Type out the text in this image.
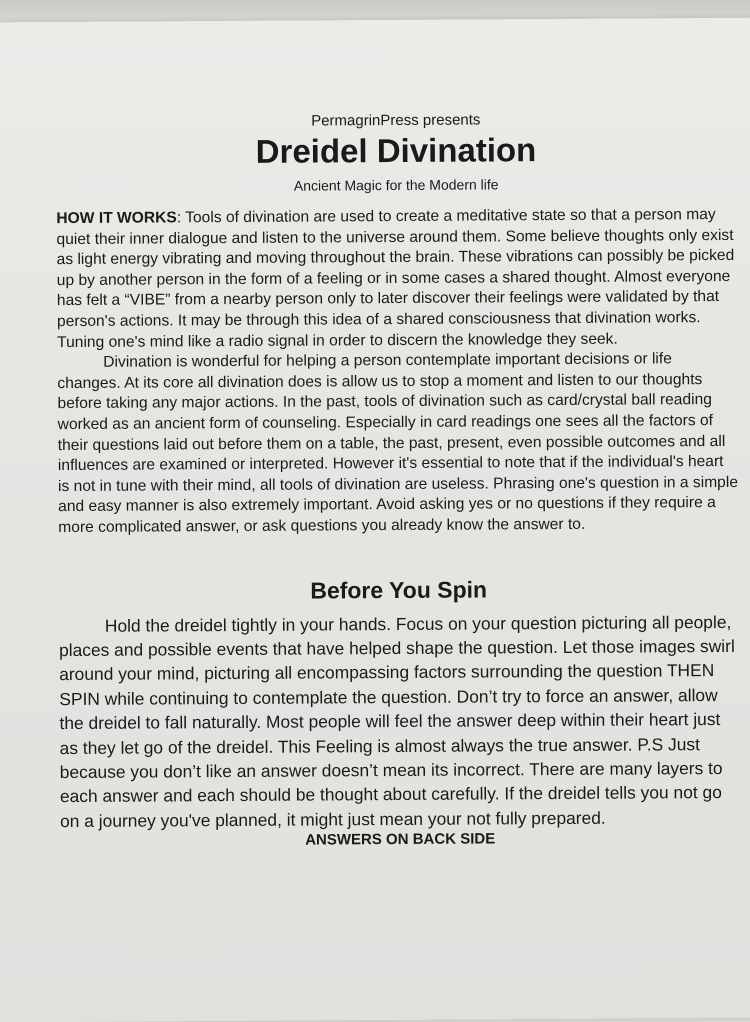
PermagrinPress presents

Dreidel Divination

Ancient Magic for the Modern life

HOW IT WORKS: Tools of divination are used to create a meditative state so that a person may quiet their inner dialogue and listen to the universe around them. Some believe thoughts only exist as light energy vibrating and moving throughout the brain. These vibrations can possibly be picked up by another person in the form of a feeling or in some cases a shared thought. Almost everyone has felt a “VIBE” from a nearby person only to later discover their feelings were validated by that person's actions. It may be through this idea of a shared consciousness that divination works. Tuning one's mind like a radio signal in order to discern the knowledge they seek.

Divination is wonderful for helping a person contemplate important decisions or life changes. At its core all divination does is allow us to stop a moment and listen to our thoughts before taking any major actions. In the past, tools of divination such as card/crystal ball reading worked as an ancient form of counseling. Especially in card readings one sees all the factors of their questions laid out before them on a table, the past, present, even possible outcomes and all influences are examined or interpreted. However it's essential to note that if the individual's heart is not in tune with their mind, all tools of divination are useless. Phrasing one's question in a simple and easy manner is also extremely important. Avoid asking yes or no questions if they require a more complicated answer, or ask questions you already know the answer to.

Before You Spin

Hold the dreidel tightly in your hands. Focus on your question picturing all people, places and possible events that have helped shape the question. Let those images swirl around your mind, picturing all encompassing factors surrounding the question THEN SPIN while continuing to contemplate the question. Don’t try to force an answer, allow the dreidel to fall naturally. Most people will feel the answer deep within their heart just as they let go of the dreidel. This Feeling is almost always the true answer. P.S Just because you don’t like an answer doesn’t mean its incorrect. There are many layers to each answer and each should be thought about carefully. If the dreidel tells you not go on a journey you've planned, it might just mean your not fully prepared.

ANSWERS ON BACK SIDE
